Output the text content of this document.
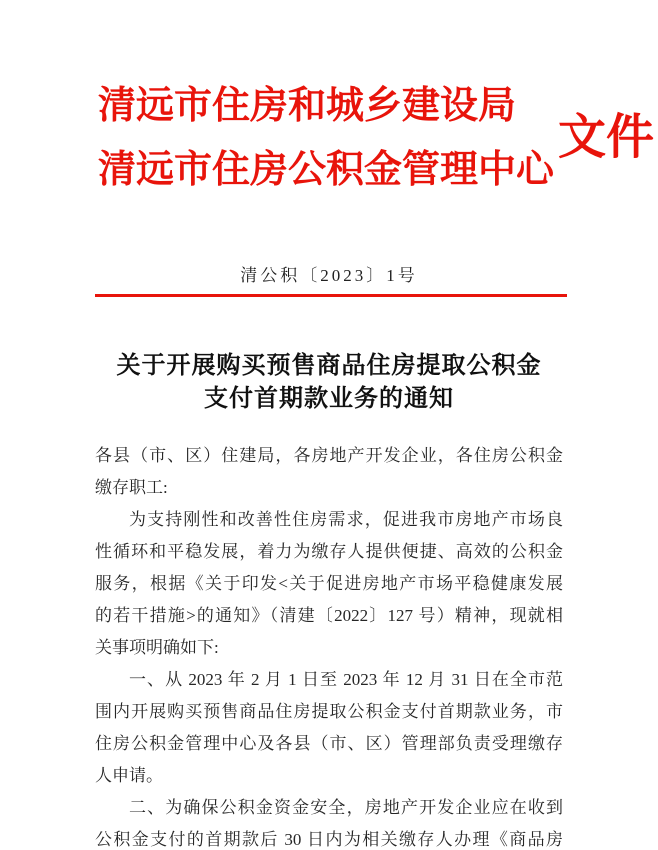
清远市住房和城乡建设局
清远市住房公积金管理中心
文件
清公积〔2023〕1号
关于开展购买预售商品住房提取公积金
支付首期款业务的通知
各县（市、区）住建局，各房地产开发企业，各住房公积金
缴存职工:
为支持刚性和改善性住房需求，促进我市房地产市场良
性循环和平稳发展，着力为缴存人提供便捷、高效的公积金
服务，根据《关于印发<关于促进房地产市场平稳健康发展
的若干措施>的通知》（清建〔2022〕127 号）精神，现就相
关事项明确如下:
一、从 2023 年 2 月 1 日至 2023 年 12 月 31 日在全市范
围内开展购买预售商品住房提取公积金支付首期款业务，市
住房公积金管理中心及各县（市、区）管理部负责受理缴存
人申请。
二、为确保公积金资金安全，房地产开发企业应在收到
公积金支付的首期款后 30 日内为相关缴存人办理《商品房
